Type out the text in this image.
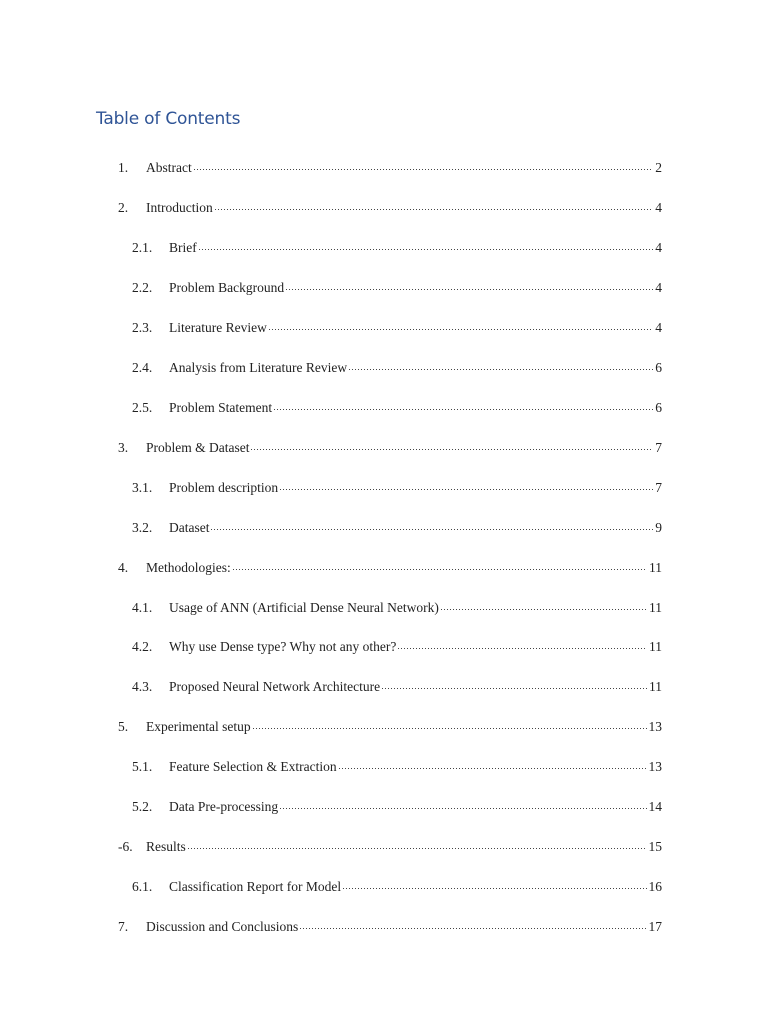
Table of Contents
1.	Abstract	2
2.	Introduction	4
2.1.	Brief	4
2.2.	Problem Background	4
2.3.	Literature Review	4
2.4.	Analysis from Literature Review	6
2.5.	Problem Statement	6
3.	Problem & Dataset	7
3.1.	Problem description	7
3.2.	Dataset	9
4.	Methodologies:	11
4.1.	Usage of ANN (Artificial Dense Neural Network)	11
4.2.	Why use Dense type? Why not any other?	11
4.3.	Proposed Neural Network Architecture	11
5.	Experimental setup	13
5.1.	Feature Selection & Extraction	13
5.2.	Data Pre-processing	14
-6. Results	15
6.1.	Classification Report for Model	16
7.	Discussion and Conclusions	17
